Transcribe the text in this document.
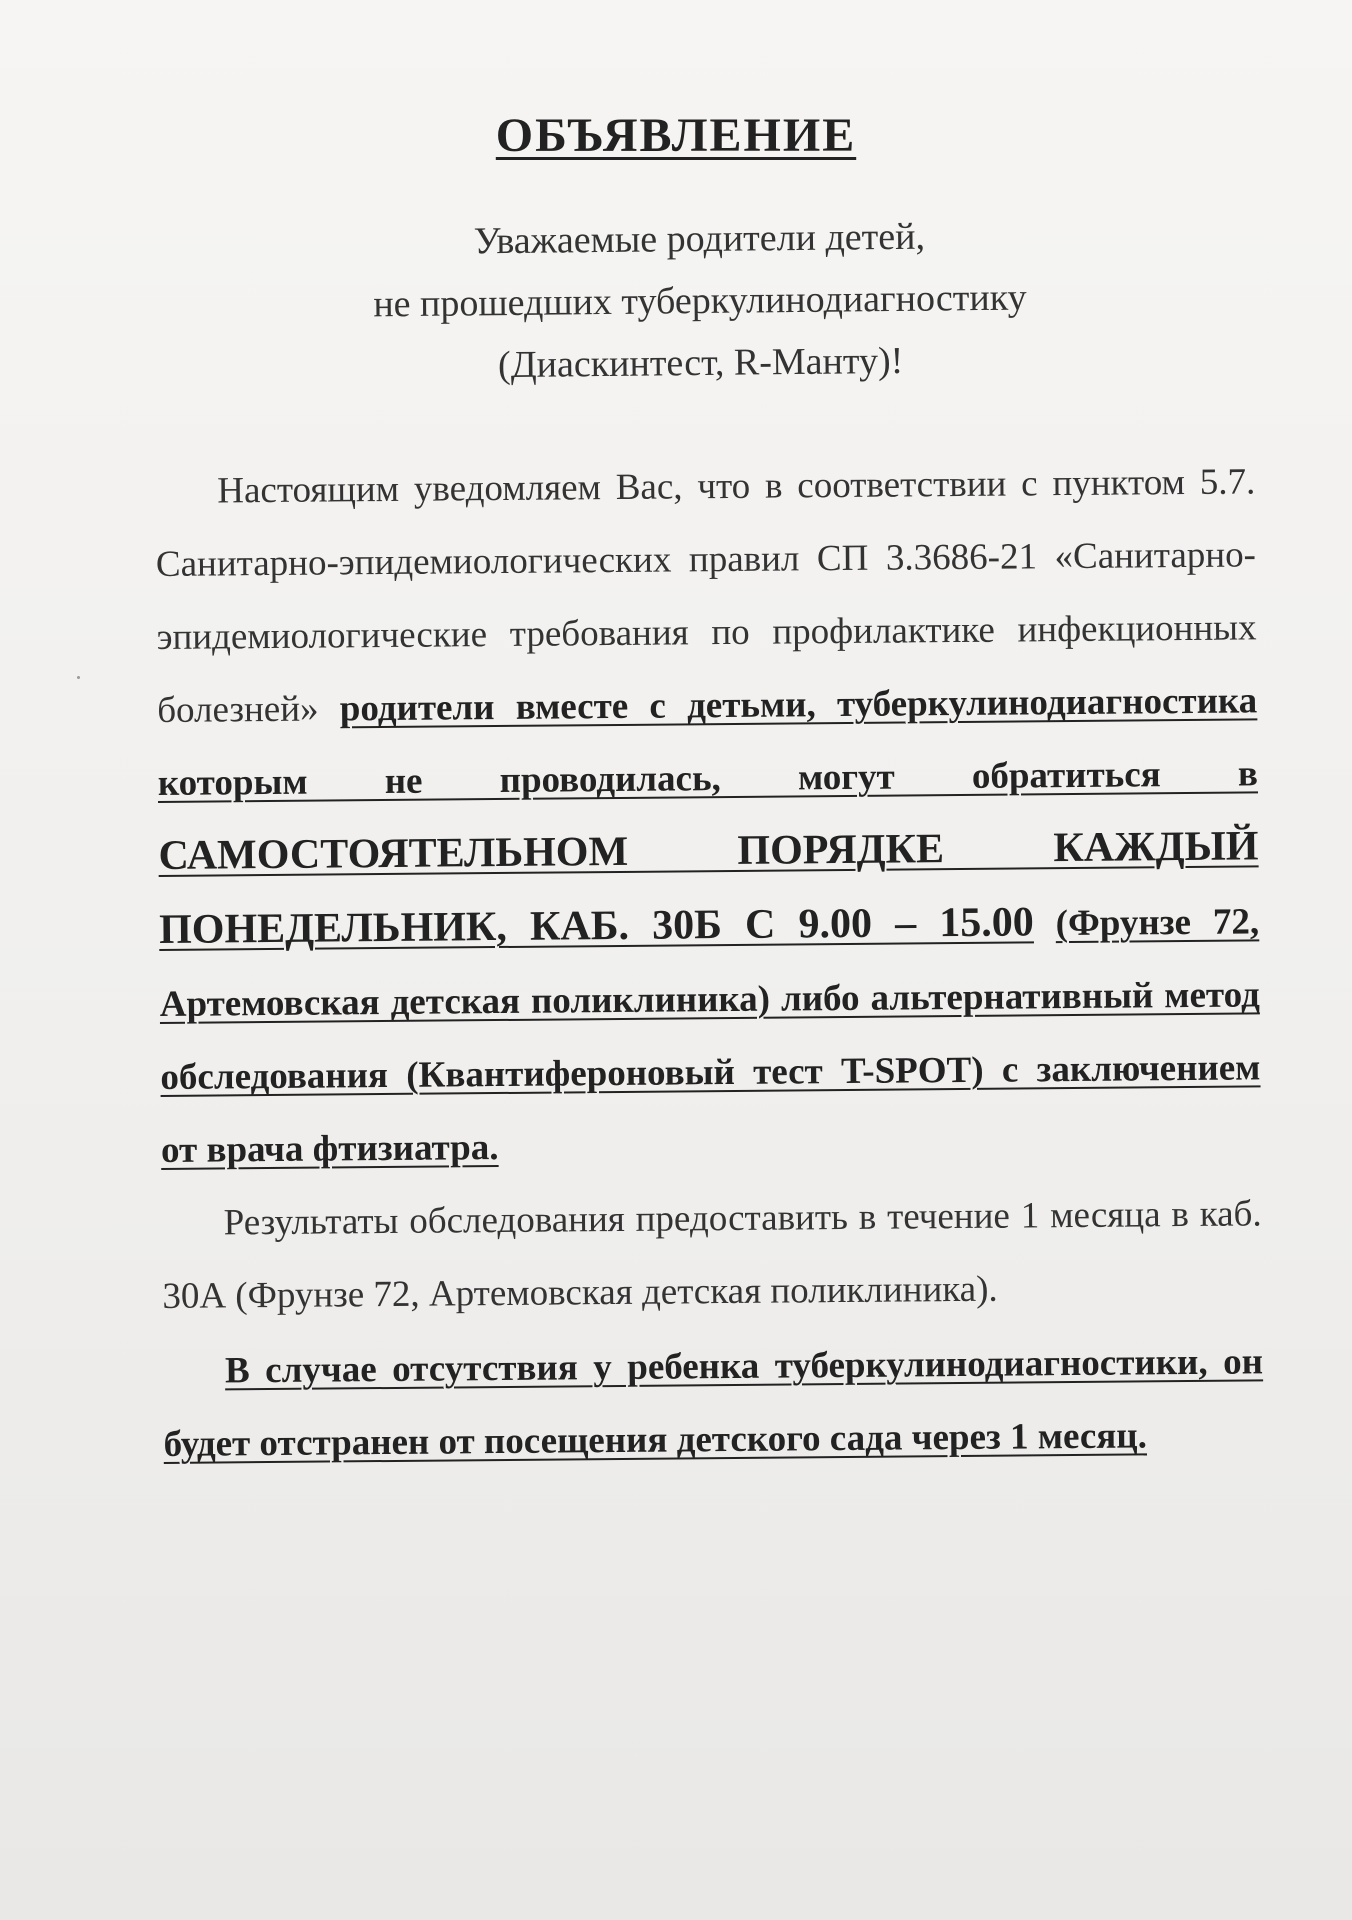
ОБЪЯВЛЕНИЕ
Уважаемые родители детей,
не прошедших туберкулинодиагностику
(Диаскинтест, R-Манту)!

Настоящим уведомляем Вас, что в соответствии с пунктом 5.7. Санитарно-эпидемиологических правил СП 3.3686-21 «Санитарно-эпидемиологические требования по профилактике инфекционных болезней» родители вместе с детьми, туберкулинодиагностика которым не проводилась, могут обратиться в САМОСТОЯТЕЛЬНОМ ПОРЯДКЕ КАЖДЫЙ ПОНЕДЕЛЬНИК, КАБ. 30Б С 9.00 – 15.00 (Фрунзе 72, Артемовская детская поликлиника) либо альтернативный метод обследования (Квантифероновый тест T-SPOT) с заключением от врача фтизиатра.

Результаты обследования предоставить в течение 1 месяца в каб. 30А (Фрунзе 72, Артемовская детская поликлиника).

В случае отсутствия у ребенка туберкулинодиагностики, он будет отстранен от посещения детского сада через 1 месяц.
